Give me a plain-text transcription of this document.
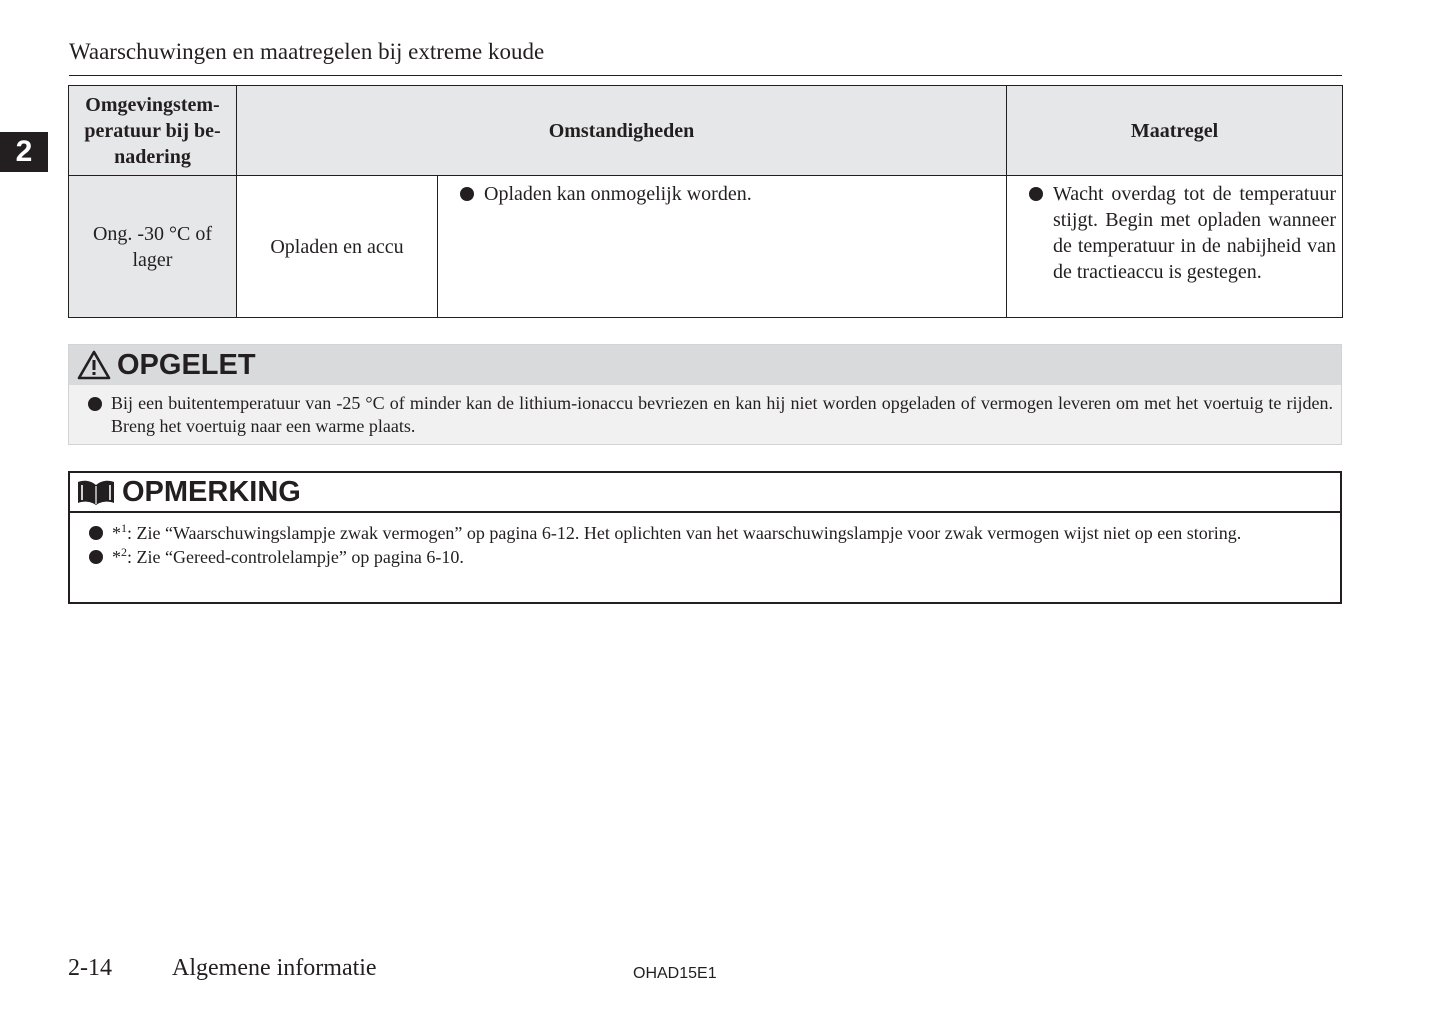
Waarschuwingen en maatregelen bij extreme koude
2
Omgevingstem-
peratuur bij be-
nadering	Omstandigheden		Maatregel

Ong. -30 °C of lager	Opladen en accu	Opladen kan onmogelijk worden.	Wacht overdag tot de temperatuur stijgt. Begin met opladen wanneer de temperatuur in de nabijheid van de tractieaccu is gestegen.
OPGELET
Bij een buitentemperatuur van -25 °C of minder kan de lithium-ionaccu bevriezen en kan hij niet worden opgeladen of vermogen leveren om met het voertuig te rijden. Breng het voertuig naar een warme plaats.
OPMERKING
*$^1$: Zie “Waarschuwingslampje zwak vermogen” op pagina 6-12. Het oplichten van het waarschuwingslampje voor zwak vermogen wijst niet op een storing.
*$^2$: Zie “Gereed-controlelampje” op pagina 6-10.
2-14	Algemene informatie	OHAD15E1
